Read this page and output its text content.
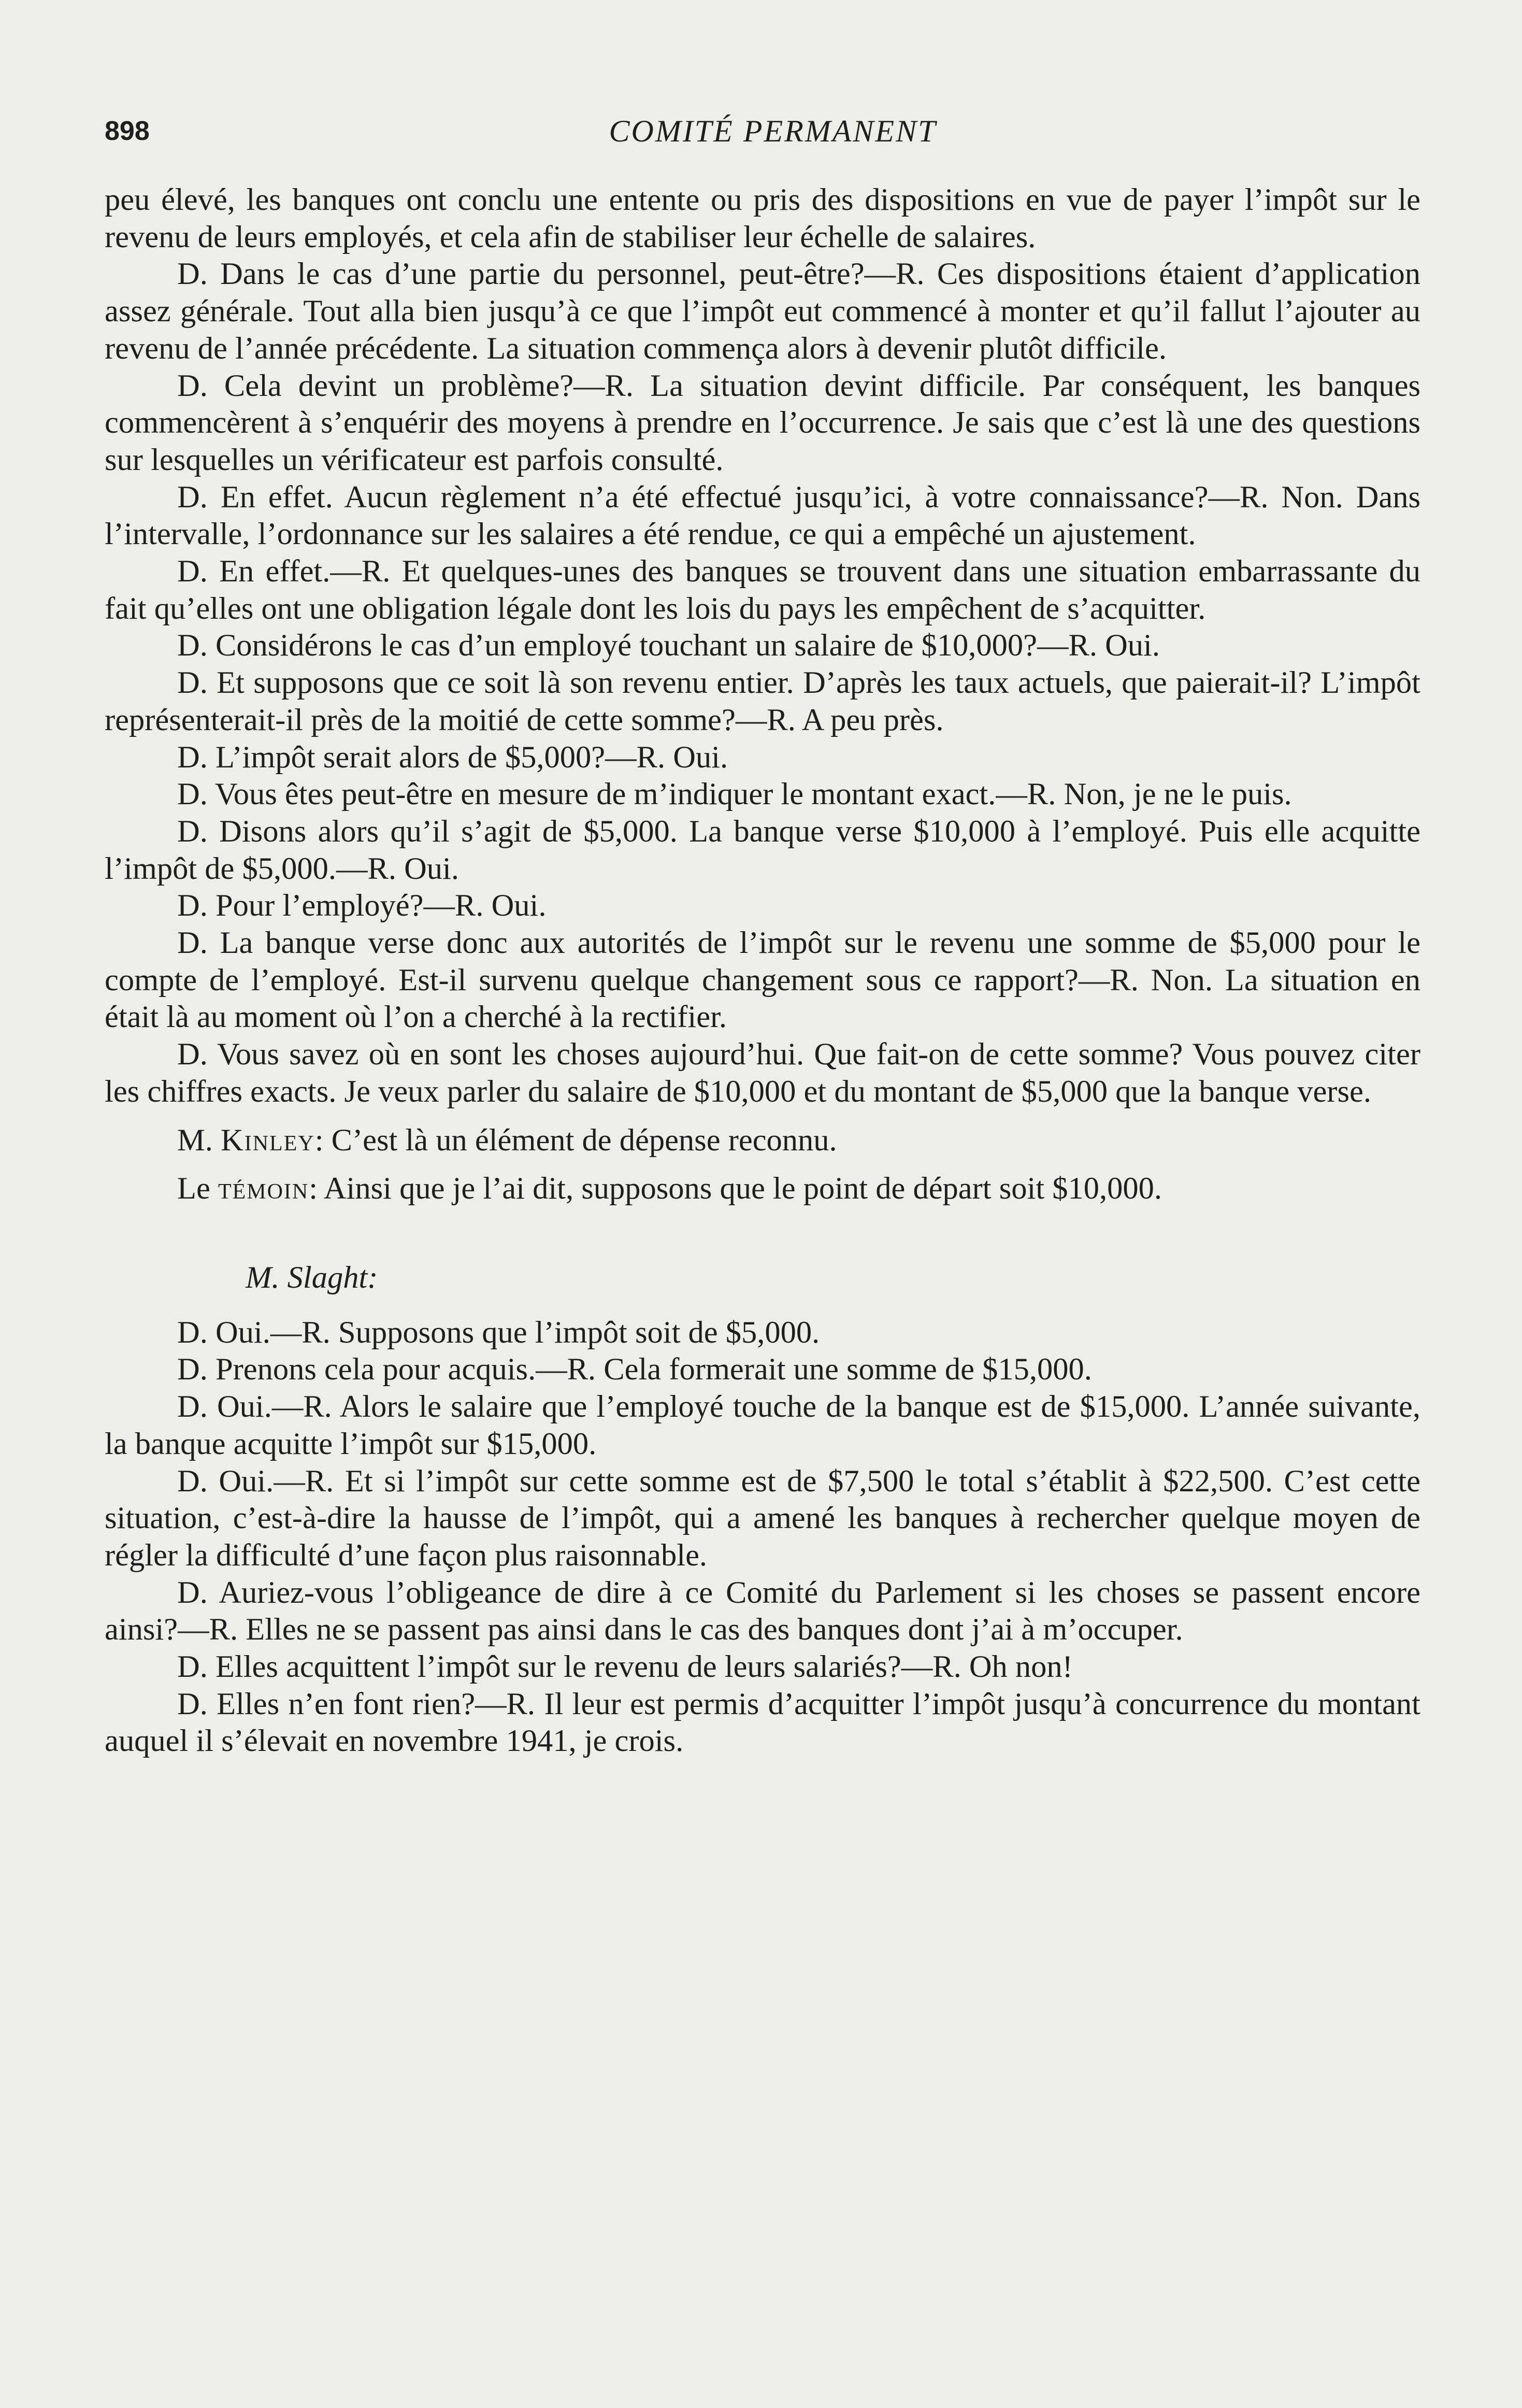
898	COMITÉ PERMANENT

peu élevé, les banques ont conclu une entente ou pris des dispositions en vue de payer l’impôt sur le revenu de leurs employés, et cela afin de stabiliser leur échelle de salaires.

D. Dans le cas d’une partie du personnel, peut-être?—R. Ces dispositions étaient d’application assez générale. Tout alla bien jusqu’à ce que l’impôt eut commencé à monter et qu’il fallut l’ajouter au revenu de l’année précédente. La situation commença alors à devenir plutôt difficile.

D. Cela devint un problème?—R. La situation devint difficile. Par conséquent, les banques commencèrent à s’enquérir des moyens à prendre en l’occurrence. Je sais que c’est là une des questions sur lesquelles un vérificateur est parfois consulté.

D. En effet. Aucun règlement n’a été effectué jusqu’ici, à votre connaissance?—R. Non. Dans l’intervalle, l’ordonnance sur les salaires a été rendue, ce qui a empêché un ajustement.

D. En effet.—R. Et quelques-unes des banques se trouvent dans une situation embarrassante du fait qu’elles ont une obligation légale dont les lois du pays les empêchent de s’acquitter.

D. Considérons le cas d’un employé touchant un salaire de $10,000?—R. Oui.

D. Et supposons que ce soit là son revenu entier. D’après les taux actuels, que paierait-il? L’impôt représenterait-il près de la moitié de cette somme?—R. A peu près.

D. L’impôt serait alors de $5,000?—R. Oui.

D. Vous êtes peut-être en mesure de m’indiquer le montant exact.—R. Non, je ne le puis.

D. Disons alors qu’il s’agit de $5,000. La banque verse $10,000 à l’employé. Puis elle acquitte l’impôt de $5,000.—R. Oui.

D. Pour l’employé?—R. Oui.

D. La banque verse donc aux autorités de l’impôt sur le revenu une somme de $5,000 pour le compte de l’employé. Est-il survenu quelque changement sous ce rapport?—R. Non. La situation en était là au moment où l’on a cherché à la rectifier.

D. Vous savez où en sont les choses aujourd’hui. Que fait-on de cette somme? Vous pouvez citer les chiffres exacts. Je veux parler du salaire de $10,000 et du montant de $5,000 que la banque verse.

M. Kinley: C’est là un élément de dépense reconnu.

Le témoin: Ainsi que je l’ai dit, supposons que le point de départ soit $10,000.

M. Slaght:

D. Oui.—R. Supposons que l’impôt soit de $5,000.

D. Prenons cela pour acquis.—R. Cela formerait une somme de $15,000.

D. Oui.—R. Alors le salaire que l’employé touche de la banque est de $15,000. L’année suivante, la banque acquitte l’impôt sur $15,000.

D. Oui.—R. Et si l’impôt sur cette somme est de $7,500 le total s’établit à $22,500. C’est cette situation, c’est-à-dire la hausse de l’impôt, qui a amené les banques à rechercher quelque moyen de régler la difficulté d’une façon plus raisonnable.

D. Auriez-vous l’obligeance de dire à ce Comité du Parlement si les choses se passent encore ainsi?—R. Elles ne se passent pas ainsi dans le cas des banques dont j’ai à m’occuper.

D. Elles acquittent l’impôt sur le revenu de leurs salariés?—R. Oh non!

D. Elles n’en font rien?—R. Il leur est permis d’acquitter l’impôt jusqu’à concurrence du montant auquel il s’élevait en novembre 1941, je crois.
